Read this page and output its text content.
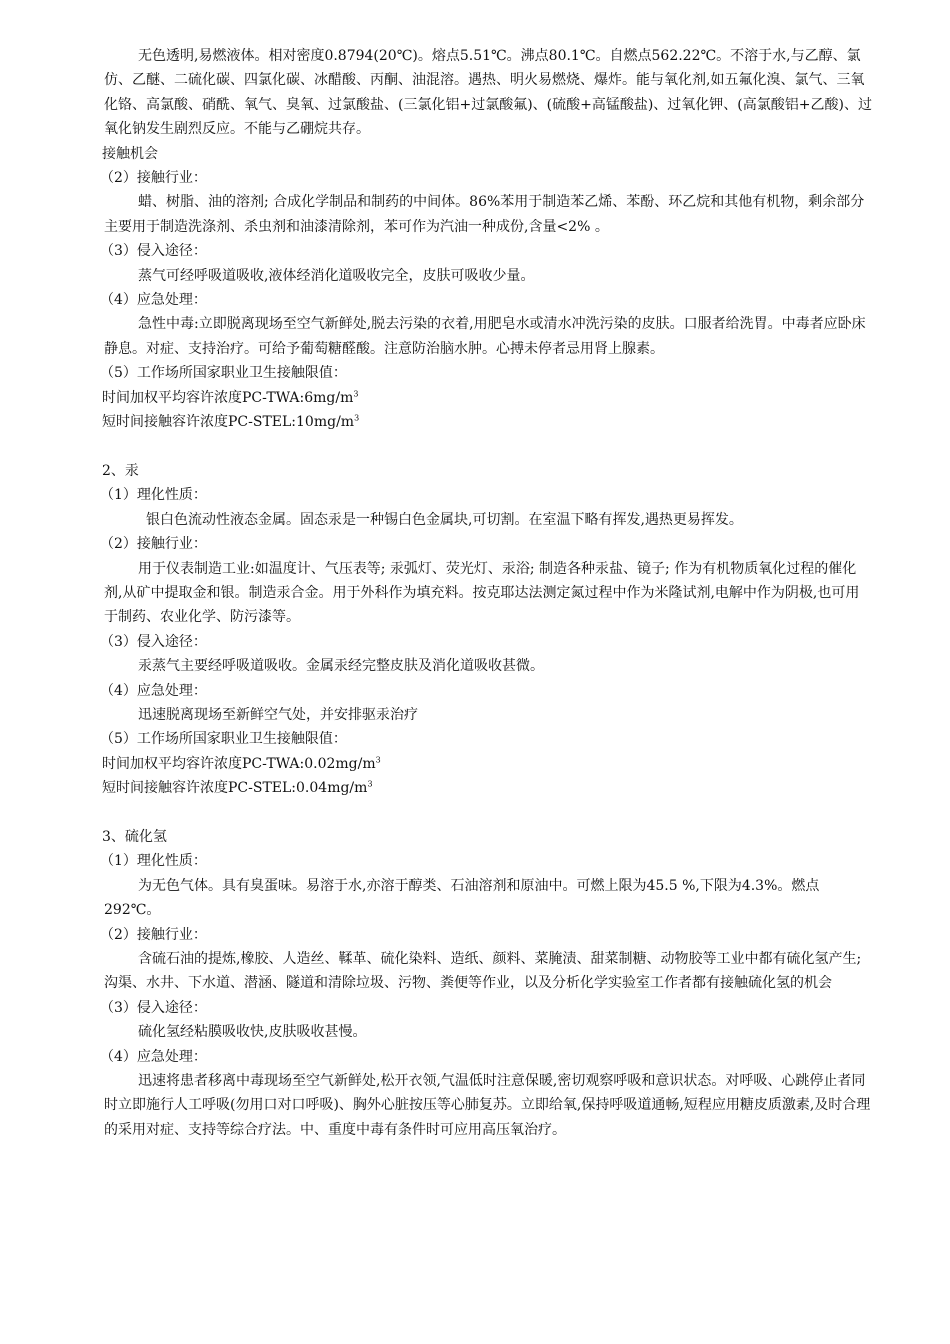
无色透明,易燃液体。相对密度0.8794(20℃)。熔点5.51℃。沸点80.1℃。自燃点562.22℃。不溶于水,与乙醇、氯仿、乙醚、二硫化碳、四氯化碳、冰醋酸、丙酮、油混溶。遇热、明火易燃烧、爆炸。能与氧化剂,如五氟化溴、氯气、三氧化铬、高氯酸、硝酰、氧气、臭氧、过氯酸盐、(三氯化铝+过氯酸氟)、(硫酸+高锰酸盐)、过氧化钾、(高氯酸铝+乙酸)、过氧化钠发生剧烈反应。不能与乙硼烷共存。

接触机会

（2）接触行业：

蜡、树脂、油的溶剂; 合成化学制品和制药的中间体。86%苯用于制造苯乙烯、苯酚、环乙烷和其他有机物，剩余部分主要用于制造洗涤剂、杀虫剂和油漆清除剂，苯可作为汽油一种成份,含量<2% 。

（3）侵入途径：

蒸气可经呼吸道吸收,液体经消化道吸收完全，皮肤可吸收少量。

（4）应急处理：

急性中毒:立即脱离现场至空气新鲜处,脱去污染的衣着,用肥皂水或清水冲洗污染的皮肤。口服者给洗胃。中毒者应卧床静息。对症、支持治疗。可给予葡萄糖醛酸。注意防治脑水肿。心搏未停者忌用肾上腺素。

（5）工作场所国家职业卫生接触限值：

时间加权平均容许浓度$PC-TWA:6mg/m^3$

短时间接触容许浓度$PC-STEL:10mg/m^3$

2、汞

（1）理化性质：

银白色流动性液态金属。固态汞是一种锡白色金属块,可切割。在室温下略有挥发,遇热更易挥发。

（2）接触行业：

用于仪表制造工业:如温度计、气压表等; 汞弧灯、荧光灯、汞浴; 制造各种汞盐、镜子; 作为有机物质氧化过程的催化剂,从矿中提取金和银。制造汞合金。用于外科作为填充料。按克耶达法测定氮过程中作为米隆试剂,电解中作为阴极,也可用于制药、农业化学、防污漆等。

（3）侵入途径：

汞蒸气主要经呼吸道吸收。金属汞经完整皮肤及消化道吸收甚微。

（4）应急处理：

迅速脱离现场至新鲜空气处，并安排驱汞治疗

（5）工作场所国家职业卫生接触限值：

时间加权平均容许浓度$PC-TWA:0.02mg/m^3$

短时间接触容许浓度$PC-STEL:0.04mg/m^3$

3、硫化氢

（1）理化性质：

为无色气体。具有臭蛋味。易溶于水,亦溶于醇类、石油溶剂和原油中。可燃上限为45.5 %,下限为4.3%。燃点292℃。

（2）接触行业：

含硫石油的提炼,橡胶、人造丝、鞣革、硫化染料、造纸、颜料、菜腌渍、甜菜制糖、动物胶等工业中都有硫化氢产生;沟渠、水井、下水道、潜涵、隧道和清除垃圾、污物、粪便等作业，以及分析化学实验室工作者都有接触硫化氢的机会

（3）侵入途径：

硫化氢经粘膜吸收快,皮肤吸收甚慢。

（4）应急处理：

迅速将患者移离中毒现场至空气新鲜处,松开衣领,气温低时注意保暖,密切观察呼吸和意识状态。对呼吸、心跳停止者同时立即施行人工呼吸(勿用口对口呼吸)、胸外心脏按压等心肺复苏。立即给氧,保持呼吸道通畅,短程应用糖皮质激素,及时合理的采用对症、支持等综合疗法。中、重度中毒有条件时可应用高压氧治疗。
